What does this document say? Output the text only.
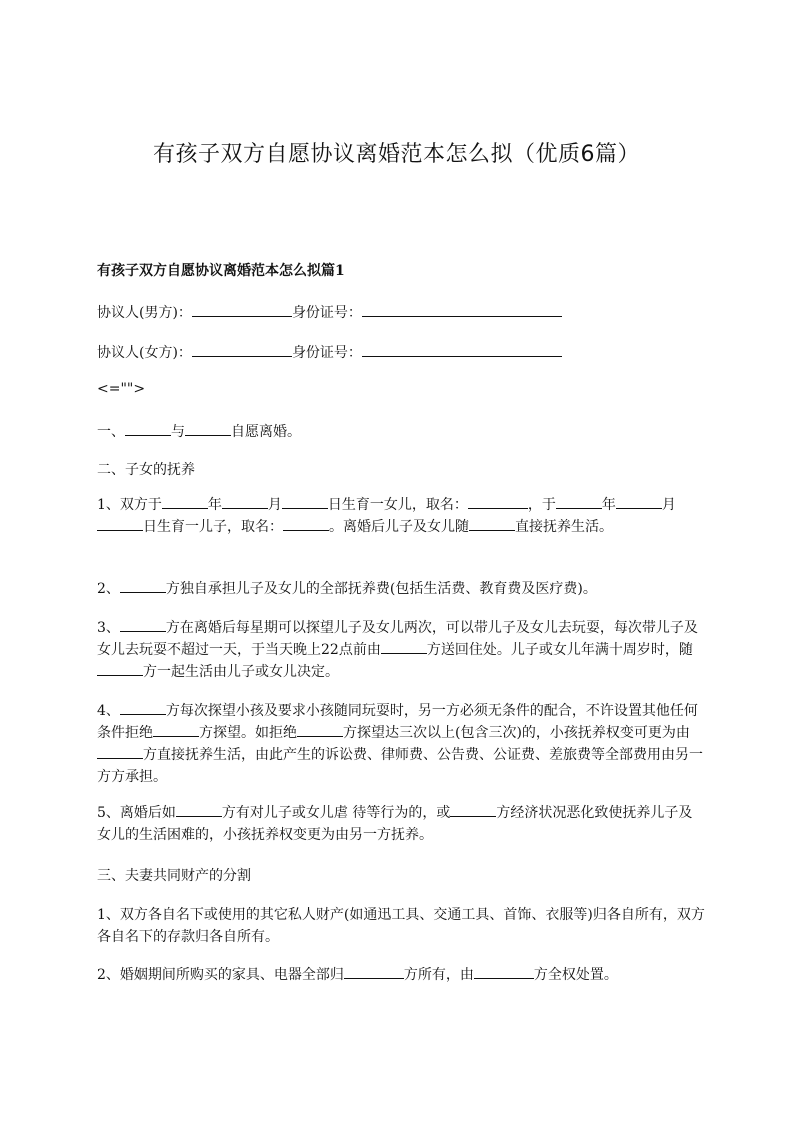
有孩子双方自愿协议离婚范本怎么拟（优质6篇）
有孩子双方自愿协议离婚范本怎么拟篇1

协议人(男方)：	身份证号：

协议人(女方)：	身份证号：

<="">

一、	与	自愿离婚。

二、子女的抚养

1、双方于	年	月	日生育一女儿，取名：	，于	年	月日生育一儿子，取名：	。离婚后儿子及女儿随	直接抚养生活。

2、	方独自承担儿子及女儿的全部抚养费(包括生活费、教育费及医疗费)。

3、	方在离婚后每星期可以探望儿子及女儿两次，可以带儿子及女儿去玩耍，每次带儿子及女儿去玩耍不超过一天，于当天晚上22点前由	方送回住处。儿子或女儿年满十周岁时，随方一起生活由儿子或女儿决定。

4、	方每次探望小孩及要求小孩随同玩耍时，另一方必须无条件的配合，不许设置其他任何条件拒绝	方探望。如拒绝	方探望达三次以上(包含三次)的，小孩抚养权变可更为由方直接抚养生活，由此产生的诉讼费、律师费、公告费、公证费、差旅费等全部费用由另一方方承担。

5、离婚后如	方有对儿子或女儿虐 待等行为的，或	方经济状况恶化致使抚养儿子及女儿的生活困难的，小孩抚养权变更为由另一方抚养。

三、夫妻共同财产的分割

1、双方各自名下或使用的其它私人财产(如通迅工具、交通工具、首饰、衣服等)归各自所有，双方各自名下的存款归各自所有。

2、婚姻期间所购买的家具、电器全部归	方所有，由	方全权处置。
